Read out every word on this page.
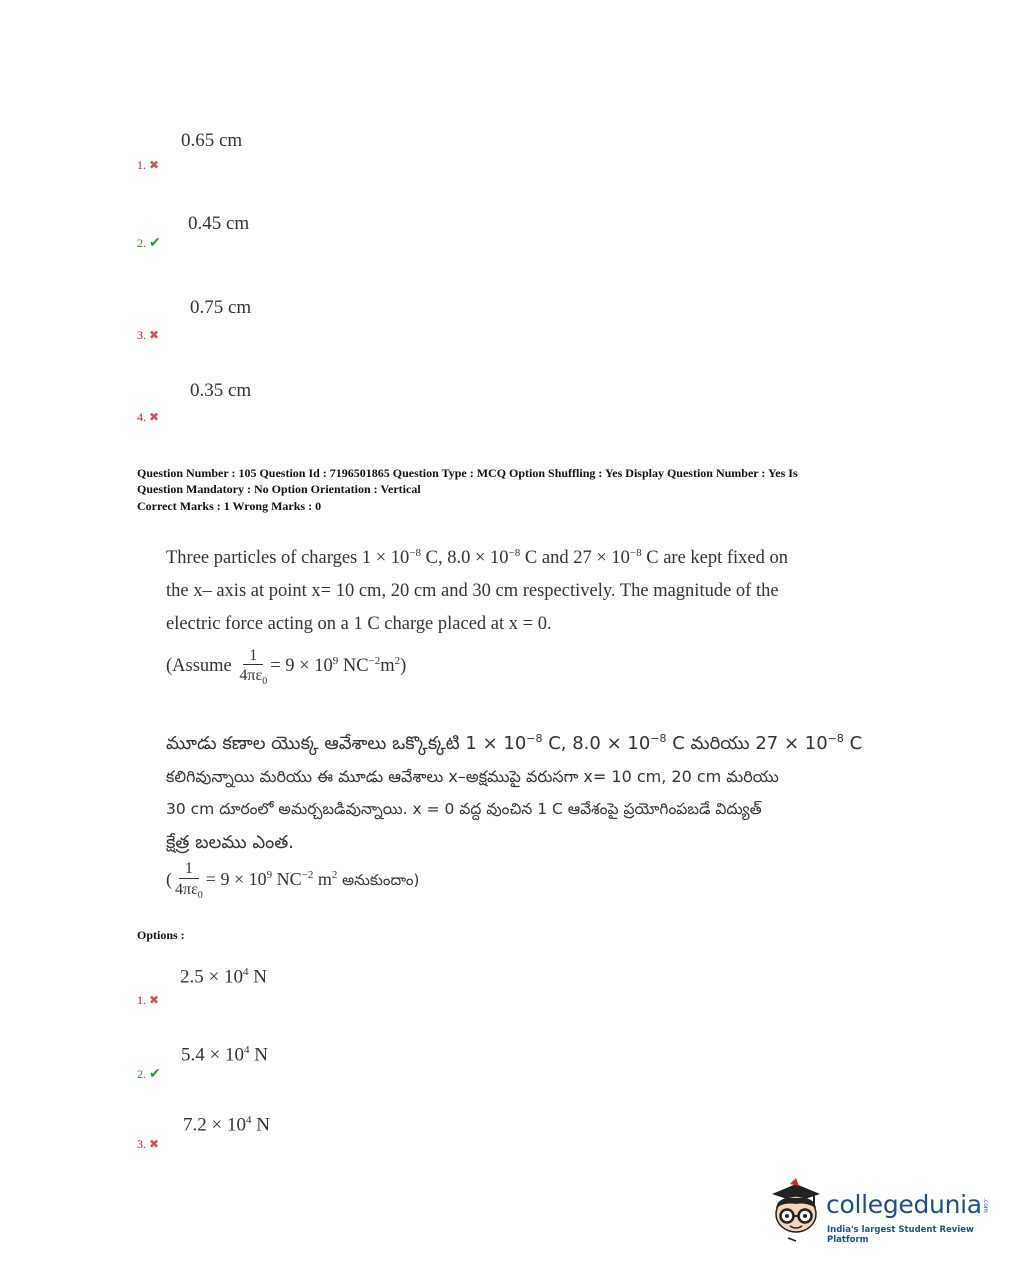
0.65 cm
1. ✖
0.45 cm
2. ✔
0.75 cm
3. ✖
0.35 cm
4. ✖
Question Number : 105 Question Id : 7196501865 Question Type : MCQ Option Shuffling : Yes Display Question Number : Yes Is
Question Mandatory : No Option Orientation : Vertical
Correct Marks : 1 Wrong Marks : 0
Three particles of charges $1 \times 10^{-8}$ C, $8.0 \times 10^{-8}$ C and $27 \times 10^{-8}$ C are kept fixed on
the x– axis at point x= 10 cm, 20 cm and 30 cm respectively. The magnitude of the
electric force acting on a 1 C charge placed at x = 0.
(Assume $\frac{1}{4\pi\varepsilon_0} = 9 \times 10^9$ $NC^{-2}m^2$)
మూడు కణాల యొక్క ఆవేశాలు ఒక్కొక్కటి $1 \times 10^{-8}$ C, $8.0 \times 10^{-8}$ C మరియు $27 \times 10^{-8}$ C
కలిగివున్నాయి మరియు ఈ మూడు ఆవేశాలు x–అక్షముపై వరుసగా x= 10 cm, 20 cm మరియు
30 cm దూరంలో అమర్చబడివున్నాయి. x = 0 వద్ద వుంచిన 1 C ఆవేశంపై ప్రయోగింపబడే విద్యుత్
క్షేత్ర బలము ఎంత.
( $\frac{1}{4\pi\varepsilon_0} = 9 \times 10^9$ $NC^{-2}$ $m^2$ అనుకుందాం)
Options :
$2.5 \times 10^4$ N
1. ✖
$5.4 \times 10^4$ N
2. ✔
$7.2 \times 10^4$ N
3. ✖
collegedunia .com
India's largest Student Review Platform
